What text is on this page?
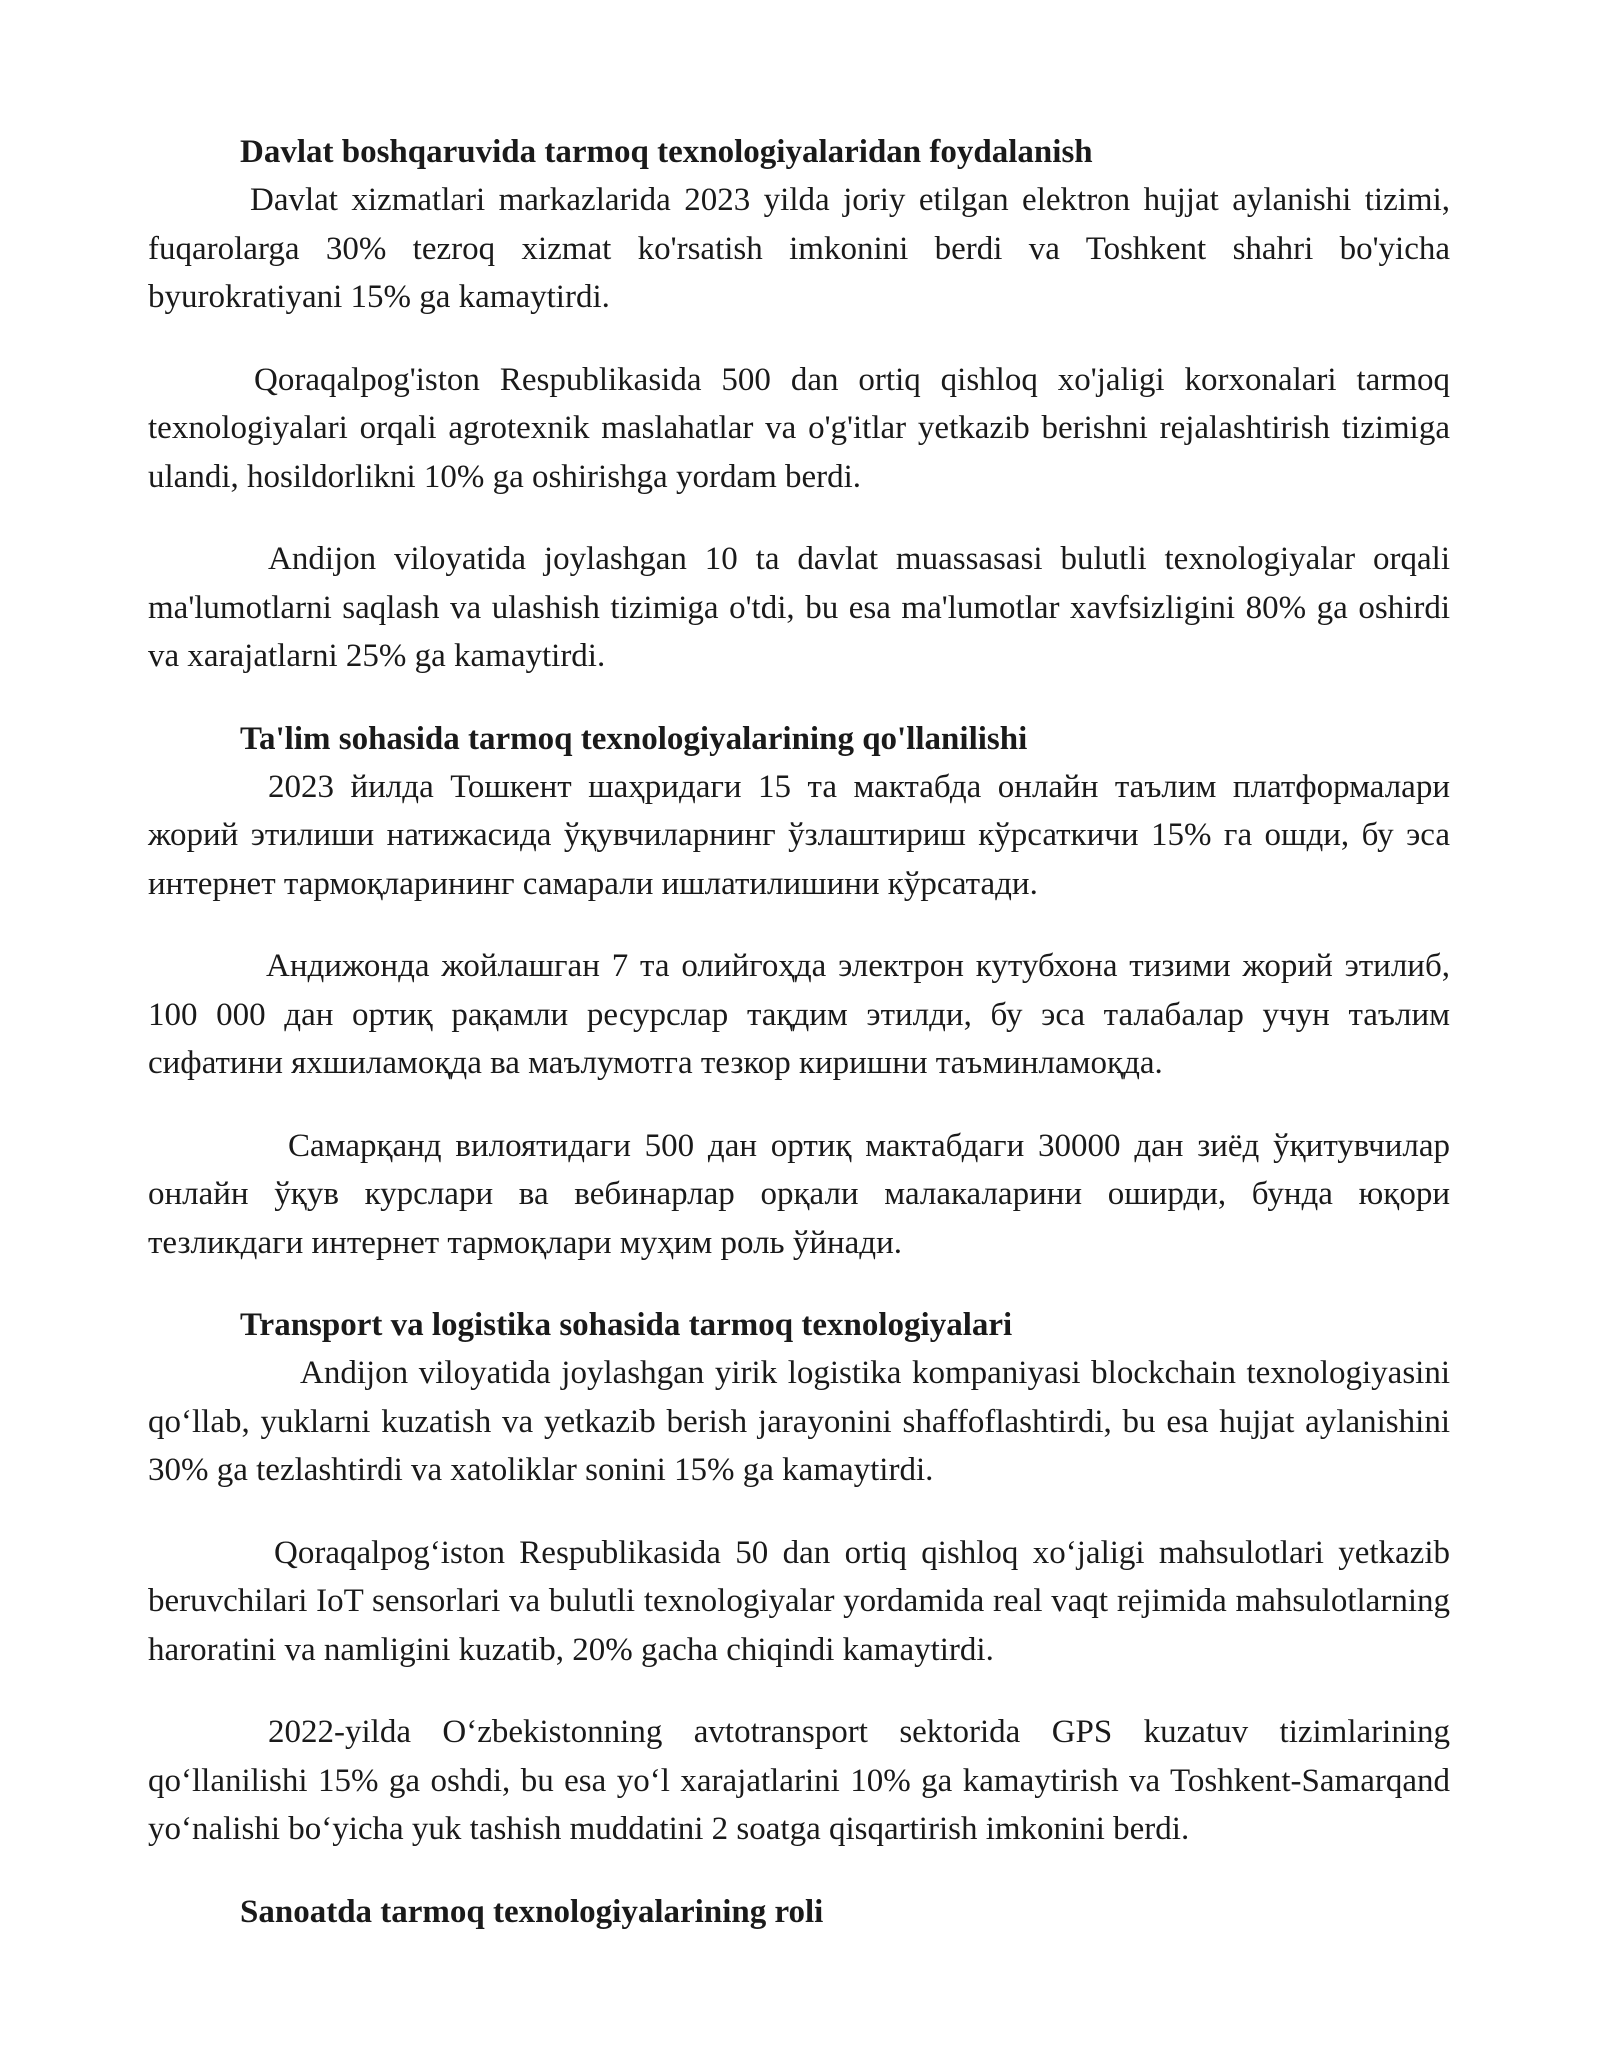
Davlat boshqaruvida tarmoq texnologiyalaridan foydalanish

Davlat xizmatlari markazlarida 2023 yilda joriy etilgan elektron hujjat aylanishi tizimi, fuqarolarga 30% tezroq xizmat ko'rsatish imkonini berdi va Toshkent shahri bo'yicha byurokratiyani 15% ga kamaytirdi.

Qoraqalpog'iston Respublikasida 500 dan ortiq qishloq xo'jaligi korxonalari tarmoq texnologiyalari orqali agrotexnik maslahatlar va o'g'itlar yetkazib berishni rejalashtirish tizimiga ulandi, hosildorlikni 10% ga oshirishga yordam berdi.

Andijon viloyatida joylashgan 10 ta davlat muassasasi bulutli texnologiyalar orqali ma'lumotlarni saqlash va ulashish tizimiga o'tdi, bu esa ma'lumotlar xavfsizligini 80% ga oshirdi va xarajatlarni 25% ga kamaytirdi.

Ta'lim sohasida tarmoq texnologiyalarining qo'llanilishi

2023 йилда Тошкент шаҳридаги 15 та мактабда онлайн таълим платформалари жорий этилиши натижасида ўқувчиларнинг ўзлаштириш кўрсаткичи 15% га ошди, бу эса интернет тармоқларининг самарали ишлатилишини кўрсатади.

Андижонда жойлашган 7 та олийгоҳда электрон кутубхона тизими жорий этилиб, 100 000 дан ортиқ рақамли ресурслар тақдим этилди, бу эса талабалар учун таълим сифатини яхшиламоқда ва маълумотга тезкор киришни таъминламоқда.

Самарқанд вилоятидаги 500 дан ортиқ мактабдаги 30000 дан зиёд ўқитувчилар онлайн ўқув курслари ва вебинарлар орқали малакаларини оширди, бунда юқори тезликдаги интернет тармоқлари муҳим роль ўйнади.

Transport va logistika sohasida tarmoq texnologiyalari

Andijon viloyatida joylashgan yirik logistika kompaniyasi blockchain texnologiyasini qo‘llab, yuklarni kuzatish va yetkazib berish jarayonini shaffoflashtirdi, bu esa hujjat aylanishini 30% ga tezlashtirdi va xatoliklar sonini 15% ga kamaytirdi.

Qoraqalpog‘iston Respublikasida 50 dan ortiq qishloq xo‘jaligi mahsulotlari yetkazib beruvchilari IoT sensorlari va bulutli texnologiyalar yordamida real vaqt rejimida mahsulotlarning haroratini va namligini kuzatib, 20% gacha chiqindi kamaytirdi.

2022-yilda O‘zbekistonning avtotransport sektorida GPS kuzatuv tizimlarining qo‘llanilishi 15% ga oshdi, bu esa yo‘l xarajatlarini 10% ga kamaytirish va Toshkent-Samarqand yo‘nalishi bo‘yicha yuk tashish muddatini 2 soatga qisqartirish imkonini berdi.

Sanoatda tarmoq texnologiyalarining roli
